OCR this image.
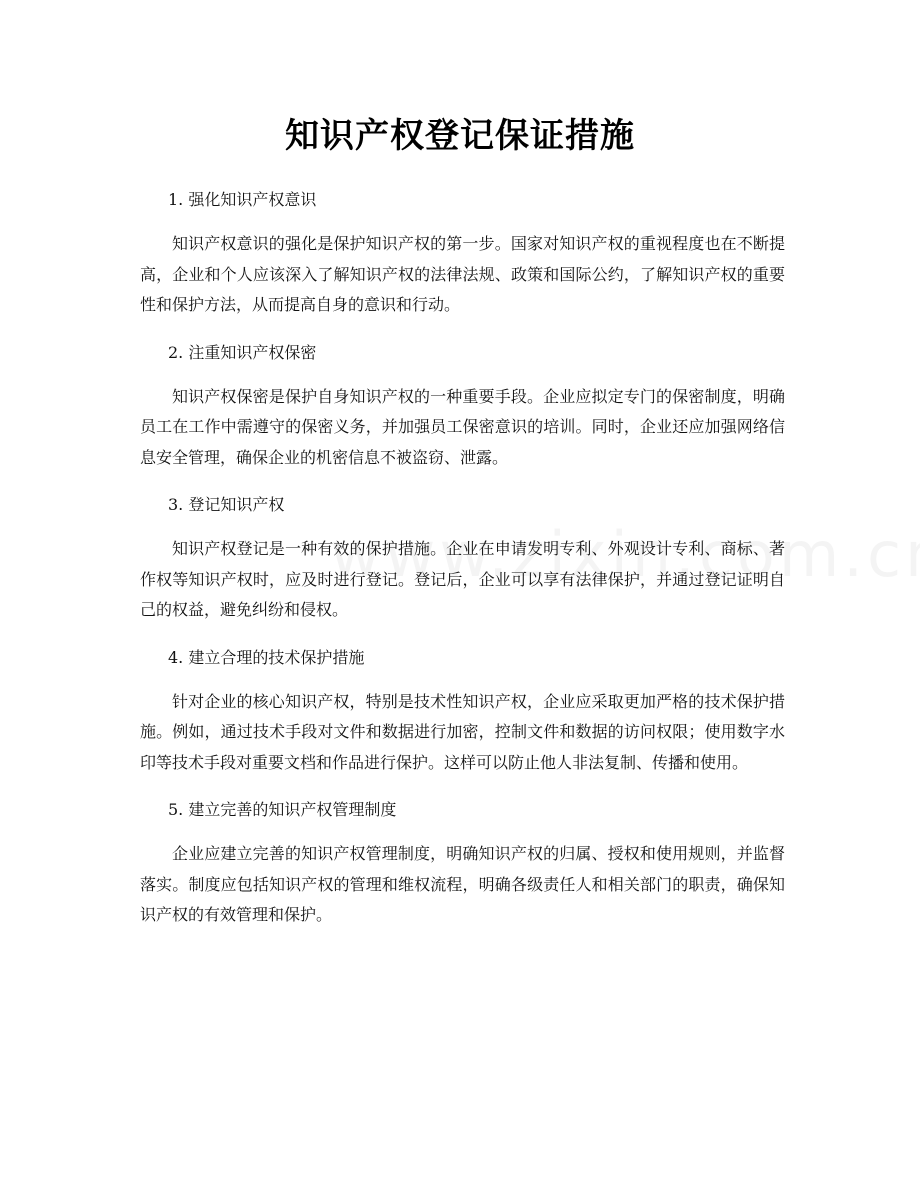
知识产权登记保证措施

1. 强化知识产权意识

知识产权意识的强化是保护知识产权的第一步。国家对知识产权的重视程度也在不断提高，企业和个人应该深入了解知识产权的法律法规、政策和国际公约，了解知识产权的重要性和保护方法，从而提高自身的意识和行动。

2. 注重知识产权保密

知识产权保密是保护自身知识产权的一种重要手段。企业应拟定专门的保密制度，明确员工在工作中需遵守的保密义务，并加强员工保密意识的培训。同时，企业还应加强网络信息安全管理，确保企业的机密信息不被盗窃、泄露。

3. 登记知识产权

知识产权登记是一种有效的保护措施。企业在申请发明专利、外观设计专利、商标、著作权等知识产权时，应及时进行登记。登记后，企业可以享有法律保护，并通过登记证明自己的权益，避免纠纷和侵权。

4. 建立合理的技术保护措施

针对企业的核心知识产权，特别是技术性知识产权，企业应采取更加严格的技术保护措施。例如，通过技术手段对文件和数据进行加密，控制文件和数据的访问权限；使用数字水印等技术手段对重要文档和作品进行保护。这样可以防止他人非法复制、传播和使用。

5. 建立完善的知识产权管理制度

企业应建立完善的知识产权管理制度，明确知识产权的归属、授权和使用规则，并监督落实。制度应包括知识产权的管理和维权流程，明确各级责任人和相关部门的职责，确保知识产权的有效管理和保护。
